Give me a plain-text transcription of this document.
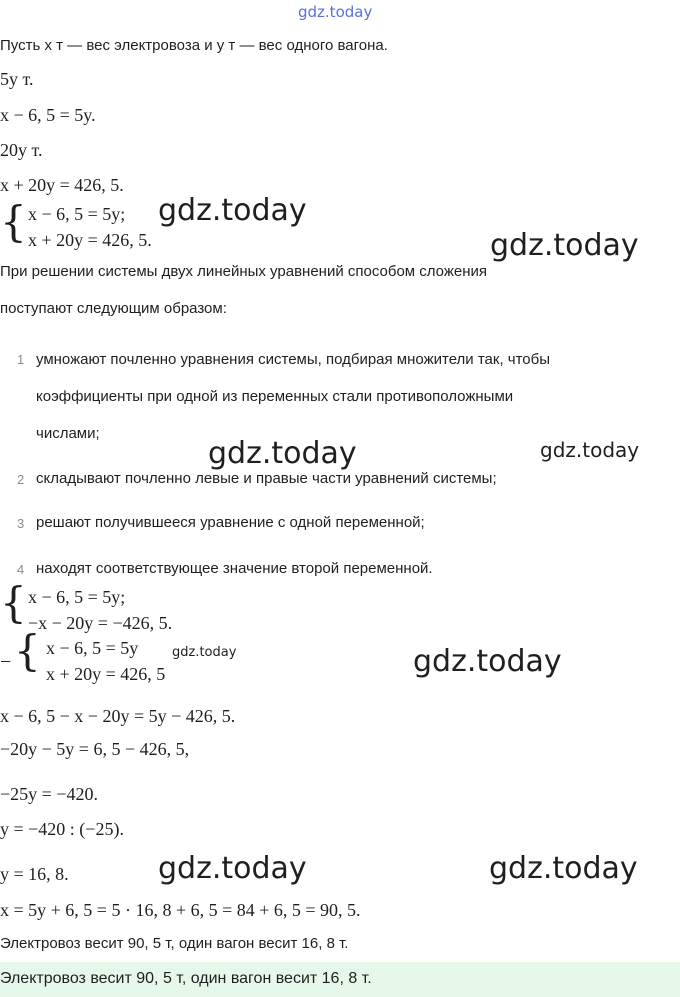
gdz.today
Пусть x т — вес электровоза и y т — вес одного вагона.
5y т.
x − 6, 5 = 5y.
20y т.
x + 20y = 426, 5.
{ x − 6, 5 = 5y;
x + 20y = 426, 5.
gdz.today
gdz.today
При решении системы двух линейных уравнений способом сложения
поступают следующим образом:
1 умножают почленно уравнения системы, подбирая множители так, чтобы
коэффициенты при одной из переменных стали противоположными
числами;
gdz.today	gdz.today
2 складывают почленно левые и правые части уравнений системы;
3 решают получившееся уравнение с одной переменной;
4 находят соответствующее значение второй переменной.
{ x − 6, 5 = 5y;
−x − 20y = −426, 5.
− { x − 6, 5 = 5y
x + 20y = 426, 5
gdz.today	gdz.today
x − 6, 5 − x − 20y = 5y − 426, 5.
−20y − 5y = 6, 5 − 426, 5,
−25y = −420.
y = −420 : (−25).
y = 16, 8.	gdz.today	gdz.today
x = 5y + 6, 5 = 5 · 16, 8 + 6, 5 = 84 + 6, 5 = 90, 5.
Электровоз весит 90, 5 т, один вагон весит 16, 8 т.
Электровоз весит 90, 5 т, один вагон весит 16, 8 т.
